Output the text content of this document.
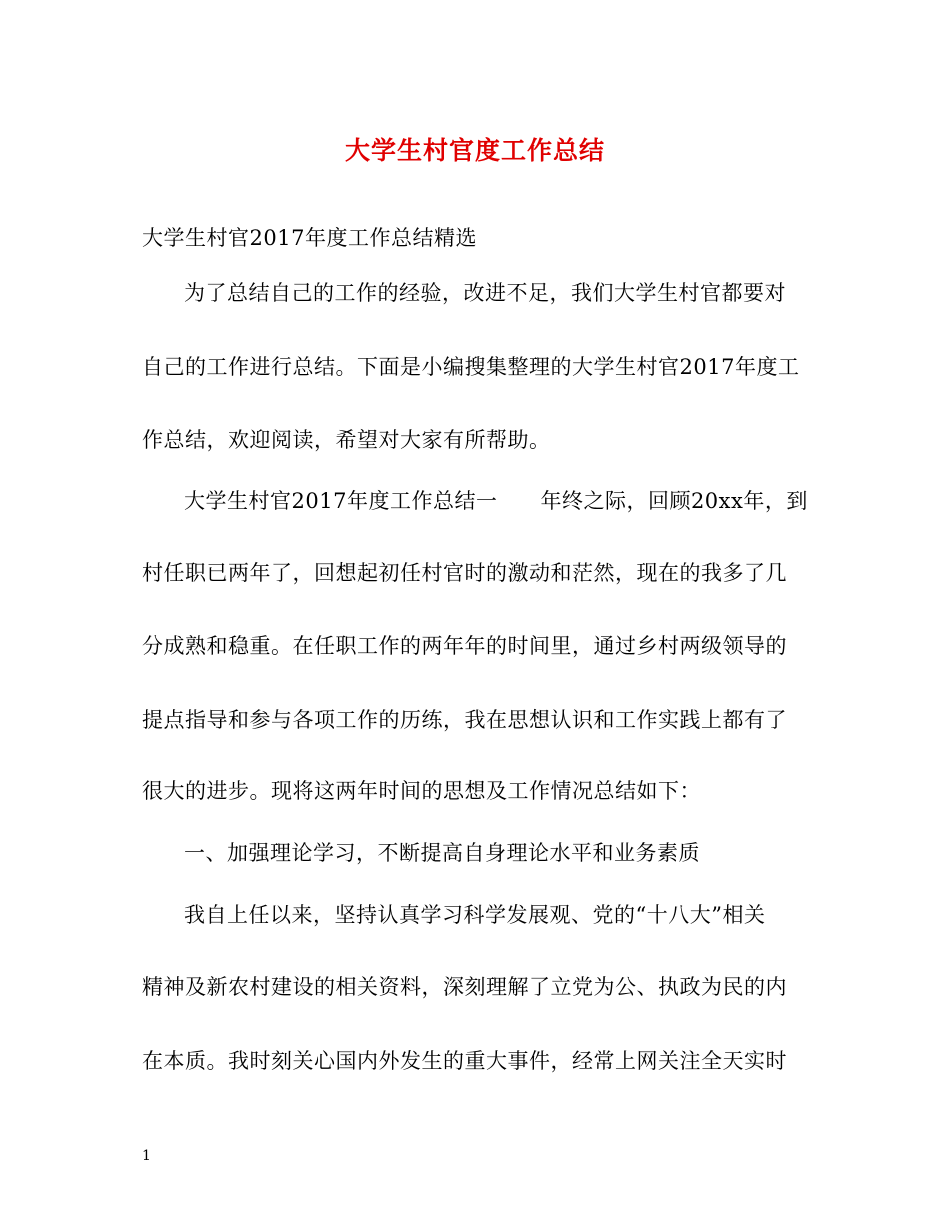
大学生村官度工作总结
大学生村官2017年度工作总结精选
为了总结自己的工作的经验，改进不足，我们大学生村官都要对
自己的工作进行总结。下面是小编搜集整理的大学生村官2017年度工
作总结，欢迎阅读，希望对大家有所帮助。
大学生村官2017年度工作总结一　　年终之际，回顾20xx年，到
村任职已两年了，回想起初任村官时的激动和茫然，现在的我多了几
分成熟和稳重。在任职工作的两年年的时间里，通过乡村两级领导的
提点指导和参与各项工作的历练，我在思想认识和工作实践上都有了
很大的进步。现将这两年时间的思想及工作情况总结如下：
一、加强理论学习，不断提高自身理论水平和业务素质
我自上任以来，坚持认真学习科学发展观、党的“十八大”相关
精神及新农村建设的相关资料，深刻理解了立党为公、执政为民的内
在本质。我时刻关心国内外发生的重大事件，经常上网关注全天实时
1
